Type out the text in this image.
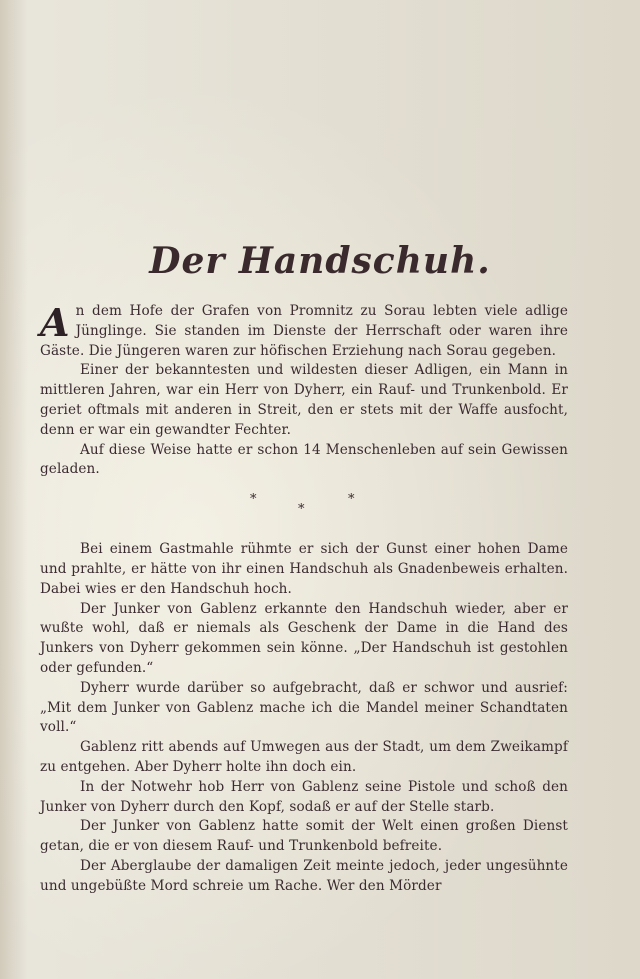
Der Handschuh.

An dem Hofe der Grafen von Promnitz zu Sorau lebten viele adlige Jünglinge. Sie standen im Dienste der Herrschaft oder waren ihre Gäste. Die Jüngeren waren zur höfischen Erziehung nach Sorau gegeben.

Einer der bekanntesten und wildesten dieser Adligen, ein Mann in mittleren Jahren, war ein Herr von Dyherr, ein Rauf- und Trunkenbold. Er geriet oftmals mit anderen in Streit, den er stets mit der Waffe ausfocht, denn er war ein gewandter Fechter.

Auf diese Weise hatte er schon 14 Menschenleben auf sein Gewissen geladen.

*
*
*

Bei einem Gastmahle rühmte er sich der Gunst einer hohen Dame und prahlte, er hätte von ihr einen Handschuh als Gnadenbeweis erhalten. Dabei wies er den Handschuh hoch.

Der Junker von Gablenz erkannte den Handschuh wieder, aber er wußte wohl, daß er niemals als Geschenk der Dame in die Hand des Junkers von Dyherr gekommen sein könne. „Der Handschuh ist gestohlen oder gefunden.“

Dyherr wurde darüber so aufgebracht, daß er schwor und ausrief: „Mit dem Junker von Gablenz mache ich die Mandel meiner Schandtaten voll.“

Gablenz ritt abends auf Umwegen aus der Stadt, um dem Zweikampf zu entgehen. Aber Dyherr holte ihn doch ein.

In der Notwehr hob Herr von Gablenz seine Pistole und schoß den Junker von Dyherr durch den Kopf, sodaß er auf der Stelle starb.

Der Junker von Gablenz hatte somit der Welt einen großen Dienst getan, die er von diesem Rauf- und Trunkenbold befreite.

Der Aberglaube der damaligen Zeit meinte jedoch, jeder ungesühnte und ungebüßte Mord schreie um Rache. Wer den Mörder
